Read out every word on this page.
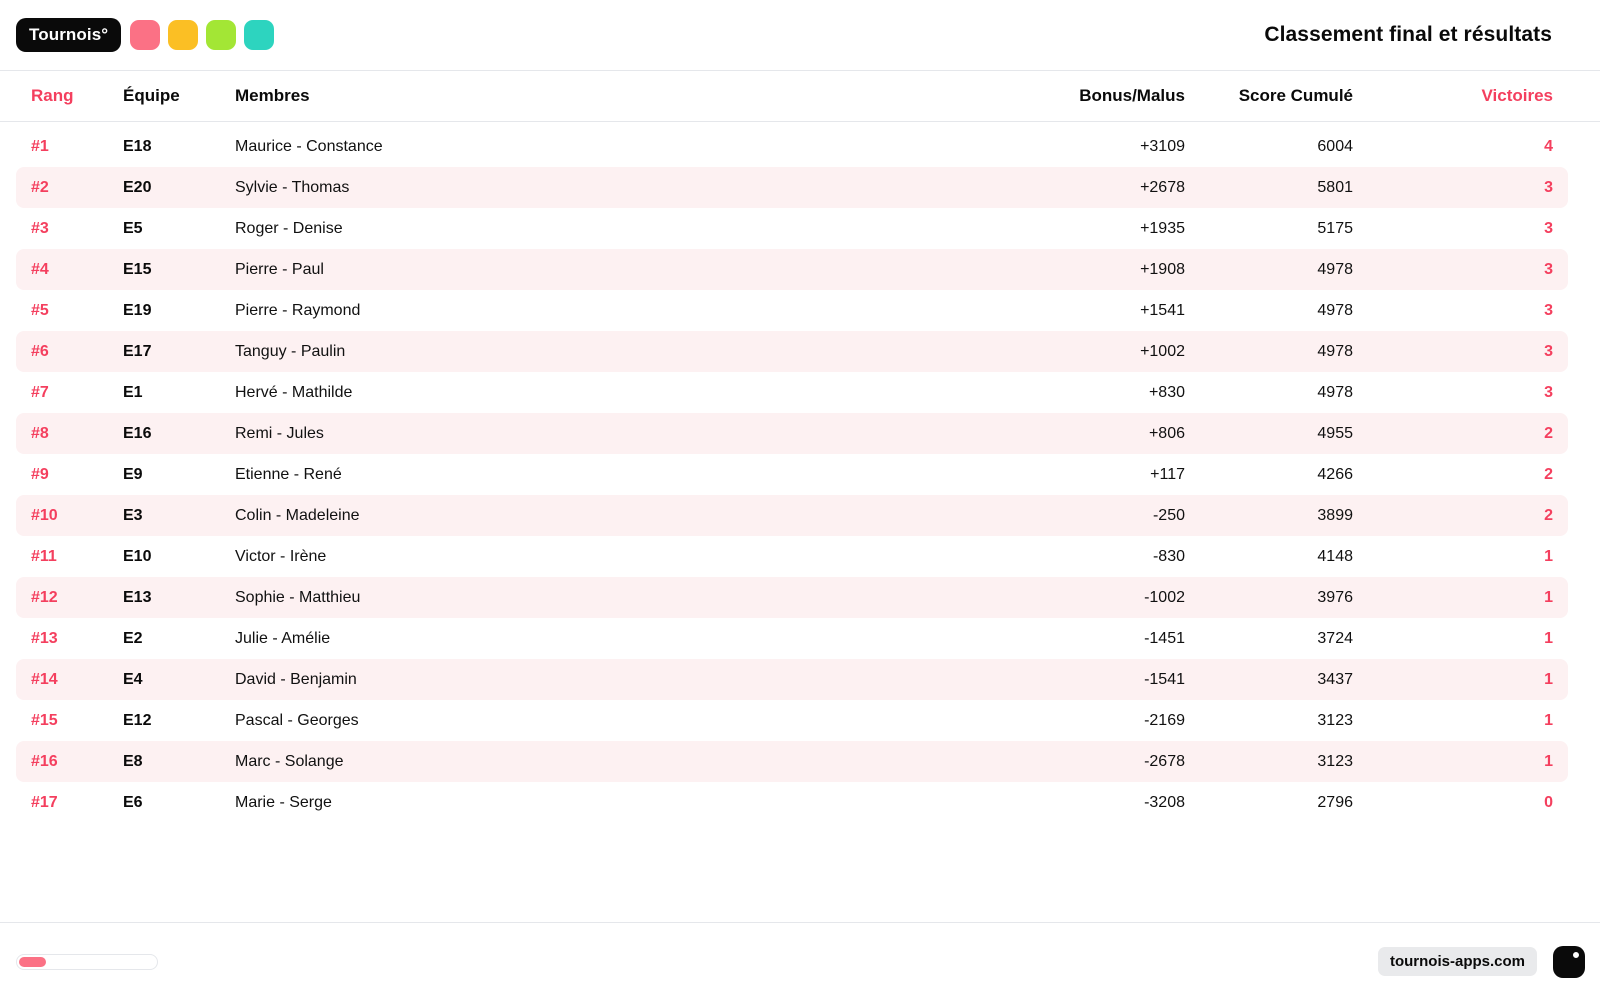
Tournois°	Classement final et résultats
Rang	Équipe	Membres	Bonus/Malus	Score Cumulé	Victoires
#1	E18	Maurice - Constance	+3109	6004	4
#2	E20	Sylvie - Thomas	+2678	5801	3
#3	E5	Roger - Denise	+1935	5175	3
#4	E15	Pierre - Paul	+1908	4978	3
#5	E19	Pierre - Raymond	+1541	4978	3
#6	E17	Tanguy - Paulin	+1002	4978	3
#7	E1	Hervé - Mathilde	+830	4978	3
#8	E16	Remi - Jules	+806	4955	2
#9	E9	Etienne - René	+117	4266	2
#10	E3	Colin - Madeleine	-250	3899	2
#11	E10	Victor - Irène	-830	4148	1
#12	E13	Sophie - Matthieu	-1002	3976	1
#13	E2	Julie - Amélie	-1451	3724	1
#14	E4	David - Benjamin	-1541	3437	1
#15	E12	Pascal - Georges	-2169	3123	1
#16	E8	Marc - Solange	-2678	3123	1
#17	E6	Marie - Serge	-3208	2796	0
tournois-apps.com
